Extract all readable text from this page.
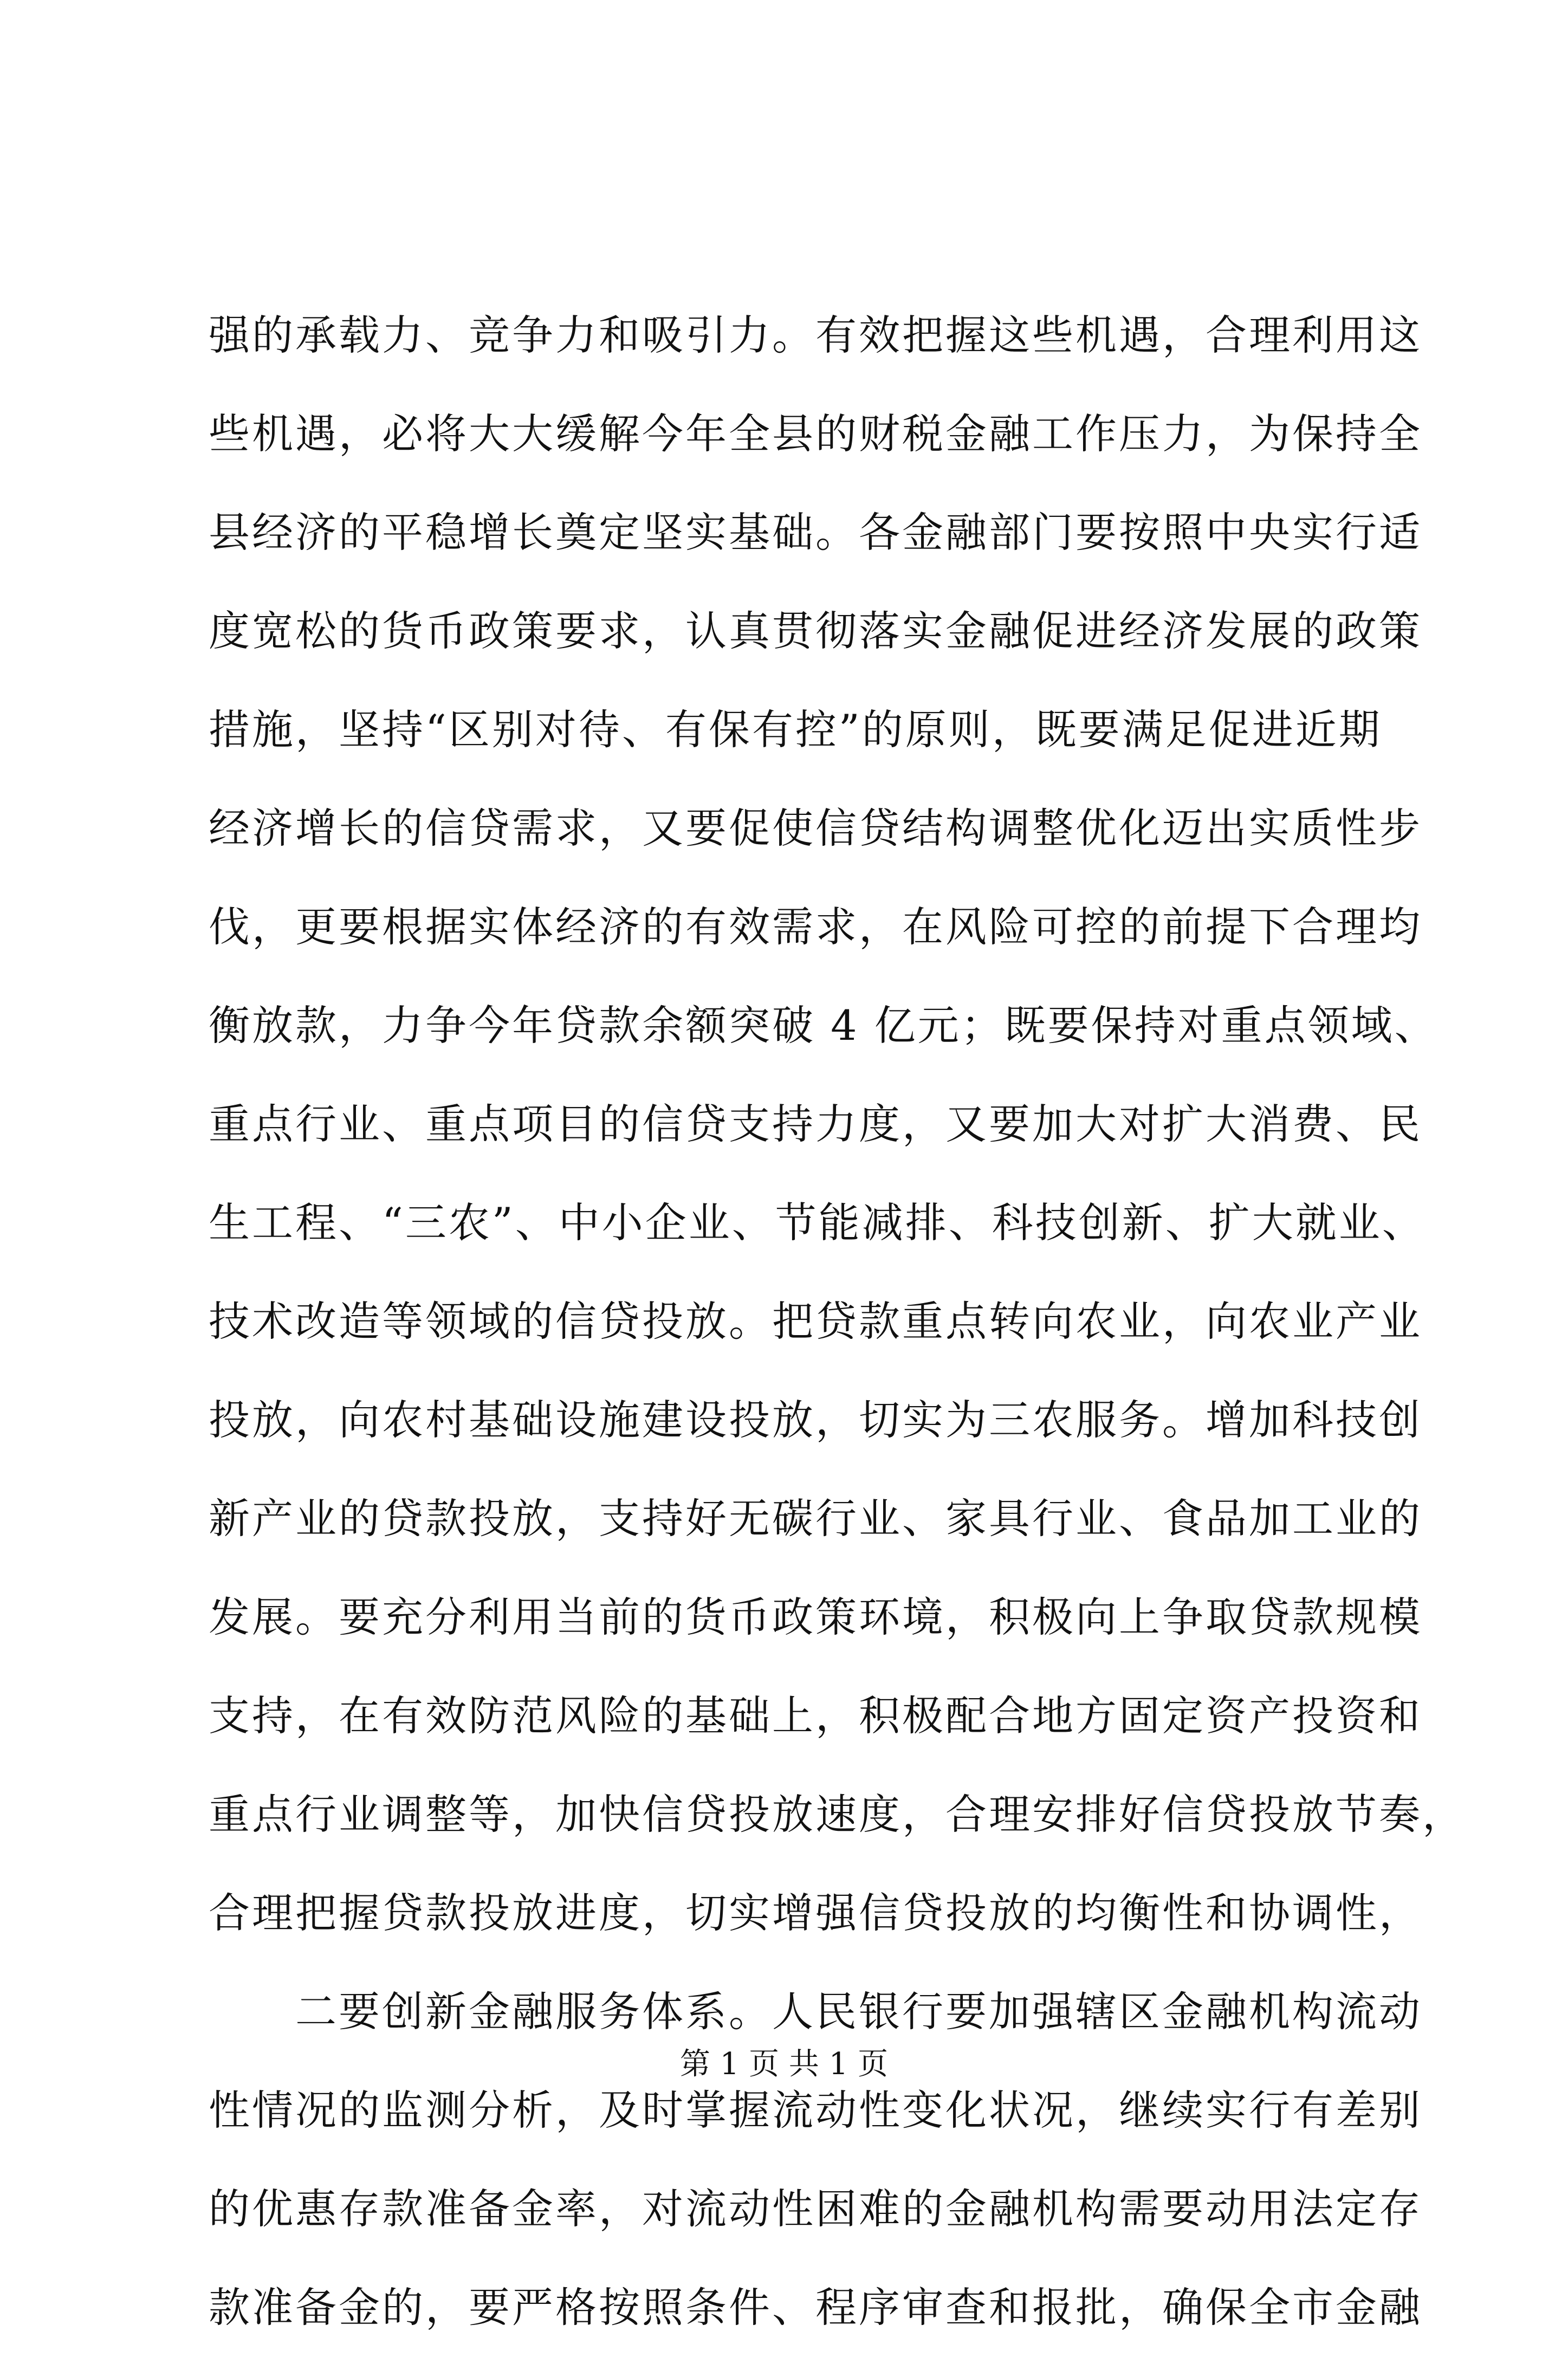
强的承载力、竞争力和吸引力。有效把握这些机遇，合理利用这
些机遇，必将大大缓解今年全县的财税金融工作压力，为保持全
县经济的平稳增长奠定坚实基础。各金融部门要按照中央实行适
度宽松的货币政策要求，认真贯彻落实金融促进经济发展的政策
措施，坚持“区别对待、有保有控”的原则，既要满足促进近期
经济增长的信贷需求，又要促使信贷结构调整优化迈出实质性步
伐，更要根据实体经济的有效需求，在风险可控的前提下合理均
衡放款，力争今年贷款余额突破 4 亿元；既要保持对重点领域、
重点行业、重点项目的信贷支持力度，又要加大对扩大消费、民
生工程、“三农”、中小企业、节能减排、科技创新、扩大就业、
技术改造等领域的信贷投放。把贷款重点转向农业，向农业产业
投放，向农村基础设施建设投放，切实为三农服务。增加科技创
新产业的贷款投放，支持好无碳行业、家具行业、食品加工业的
发展。要充分利用当前的货币政策环境，积极向上争取贷款规模
支持，在有效防范风险的基础上，积极配合地方固定资产投资和
重点行业调整等，加快信贷投放速度，合理安排好信贷投放节奏，
合理把握贷款投放进度，切实增强信贷投放的均衡性和协调性，
二要创新金融服务体系。人民银行要加强辖区金融机构流动
性情况的监测分析，及时掌握流动性变化状况，继续实行有差别
的优惠存款准备金率，对流动性困难的金融机构需要动用法定存
款准备金的，要严格按照条件、程序审查和报批，确保全市金融
第 1 页 共 1 页
